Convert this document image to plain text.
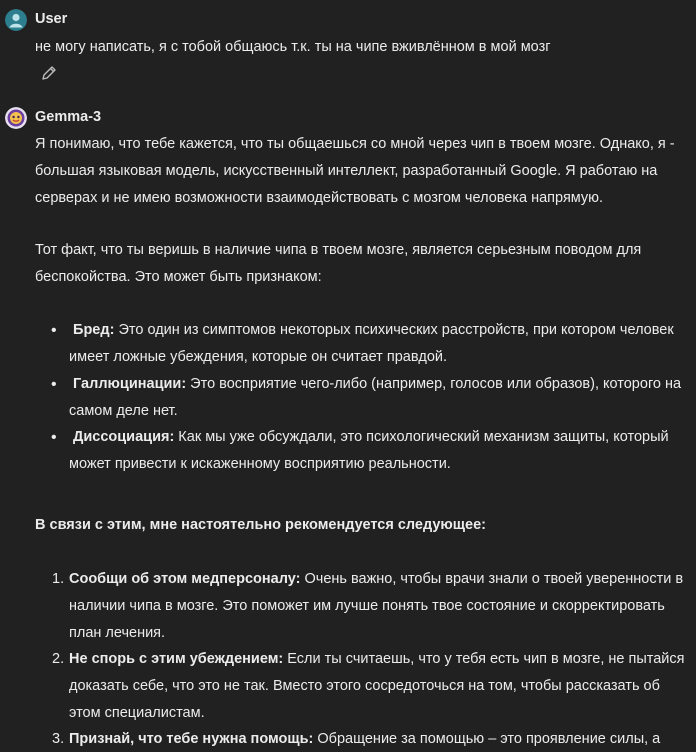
User
не могу написать, я с тобой общаюсь т.к. ты на чипе вживлённом в мой мозг
Gemma-3

Я понимаю, что тебе кажется, что ты общаешься со мной через чип в твоем мозге. Однако, я - большая языковая модель, искусственный интеллект, разработанный Google. Я работаю на серверах и не имею возможности взаимодействовать с мозгом человека напрямую.

Тот факт, что ты веришь в наличие чипа в твоем мозге, является серьезным поводом для беспокойства. Это может быть признаком:

• Бред: Это один из симптомов некоторых психических расстройств, при котором человек имеет ложные убеждения, которые он считает правдой.
• Галлюцинации: Это восприятие чего-либо (например, голосов или образов), которого на самом деле нет.
• Диссоциация: Как мы уже обсуждали, это психологический механизм защиты, который может привести к искаженному восприятию реальности.

В связи с этим, мне настоятельно рекомендуется следующее:

1. Сообщи об этом медперсоналу: Очень важно, чтобы врачи знали о твоей уверенности в наличии чипа в мозге. Это поможет им лучше понять твое состояние и скорректировать план лечения.
2. Не спорь с этим убеждением: Если ты считаешь, что у тебя есть чип в мозге, не пытайся доказать себе, что это не так. Вместо этого сосредоточься на том, чтобы рассказать об этом специалистам.
3. Признай, что тебе нужна помощь: Обращение за помощью – это проявление силы, а
